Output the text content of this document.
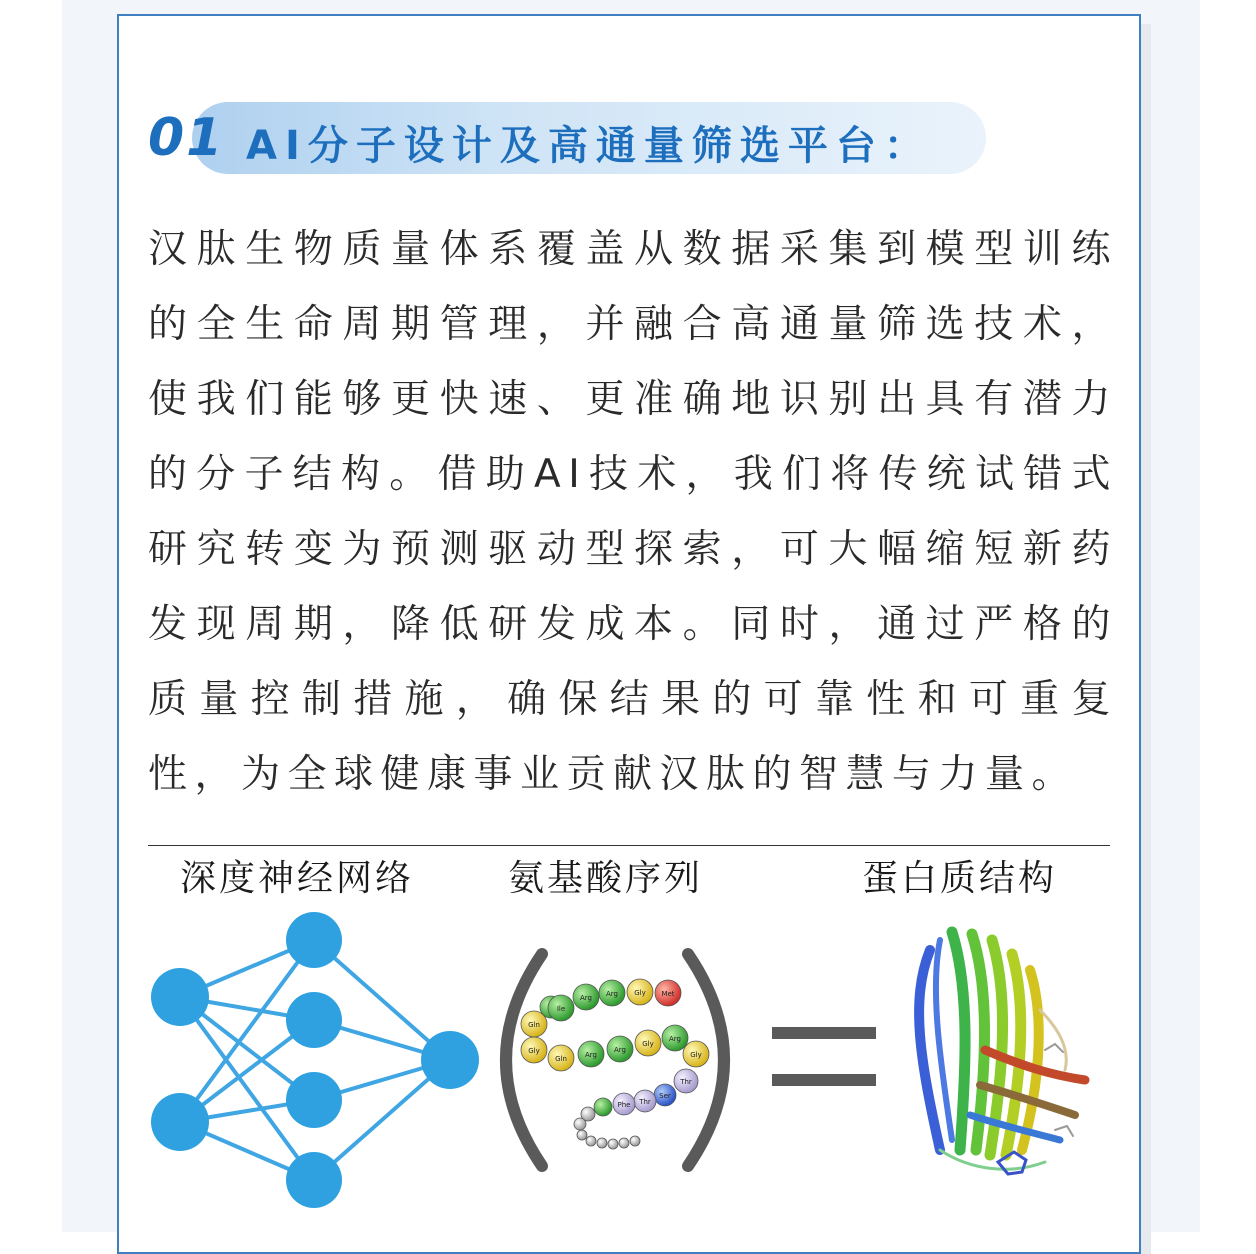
01 AI分子设计及高通量筛选平台：

汉肽生物质量体系覆盖从数据采集到模型训练的全生命周期管理，并融合高通量筛选技术，使我们能够更快速、更准确地识别出具有潜力的分子结构。借助AI技术，我们将传统试错式研究转变为预测驱动型探索，可大幅缩短新药发现周期，降低研发成本。同时，通过严格的质量控制措施，确保结果的可靠性和可重复性，为全球健康事业贡献汉肽的智慧与力量。

深度神经网络	氨基酸序列	蛋白质结构
Ile
Arg Arg Gly Met
Gln
Gly
Gln	Arg
Arg
Gly
Arg
Gly
Thr
Ser
Thr
Phe
